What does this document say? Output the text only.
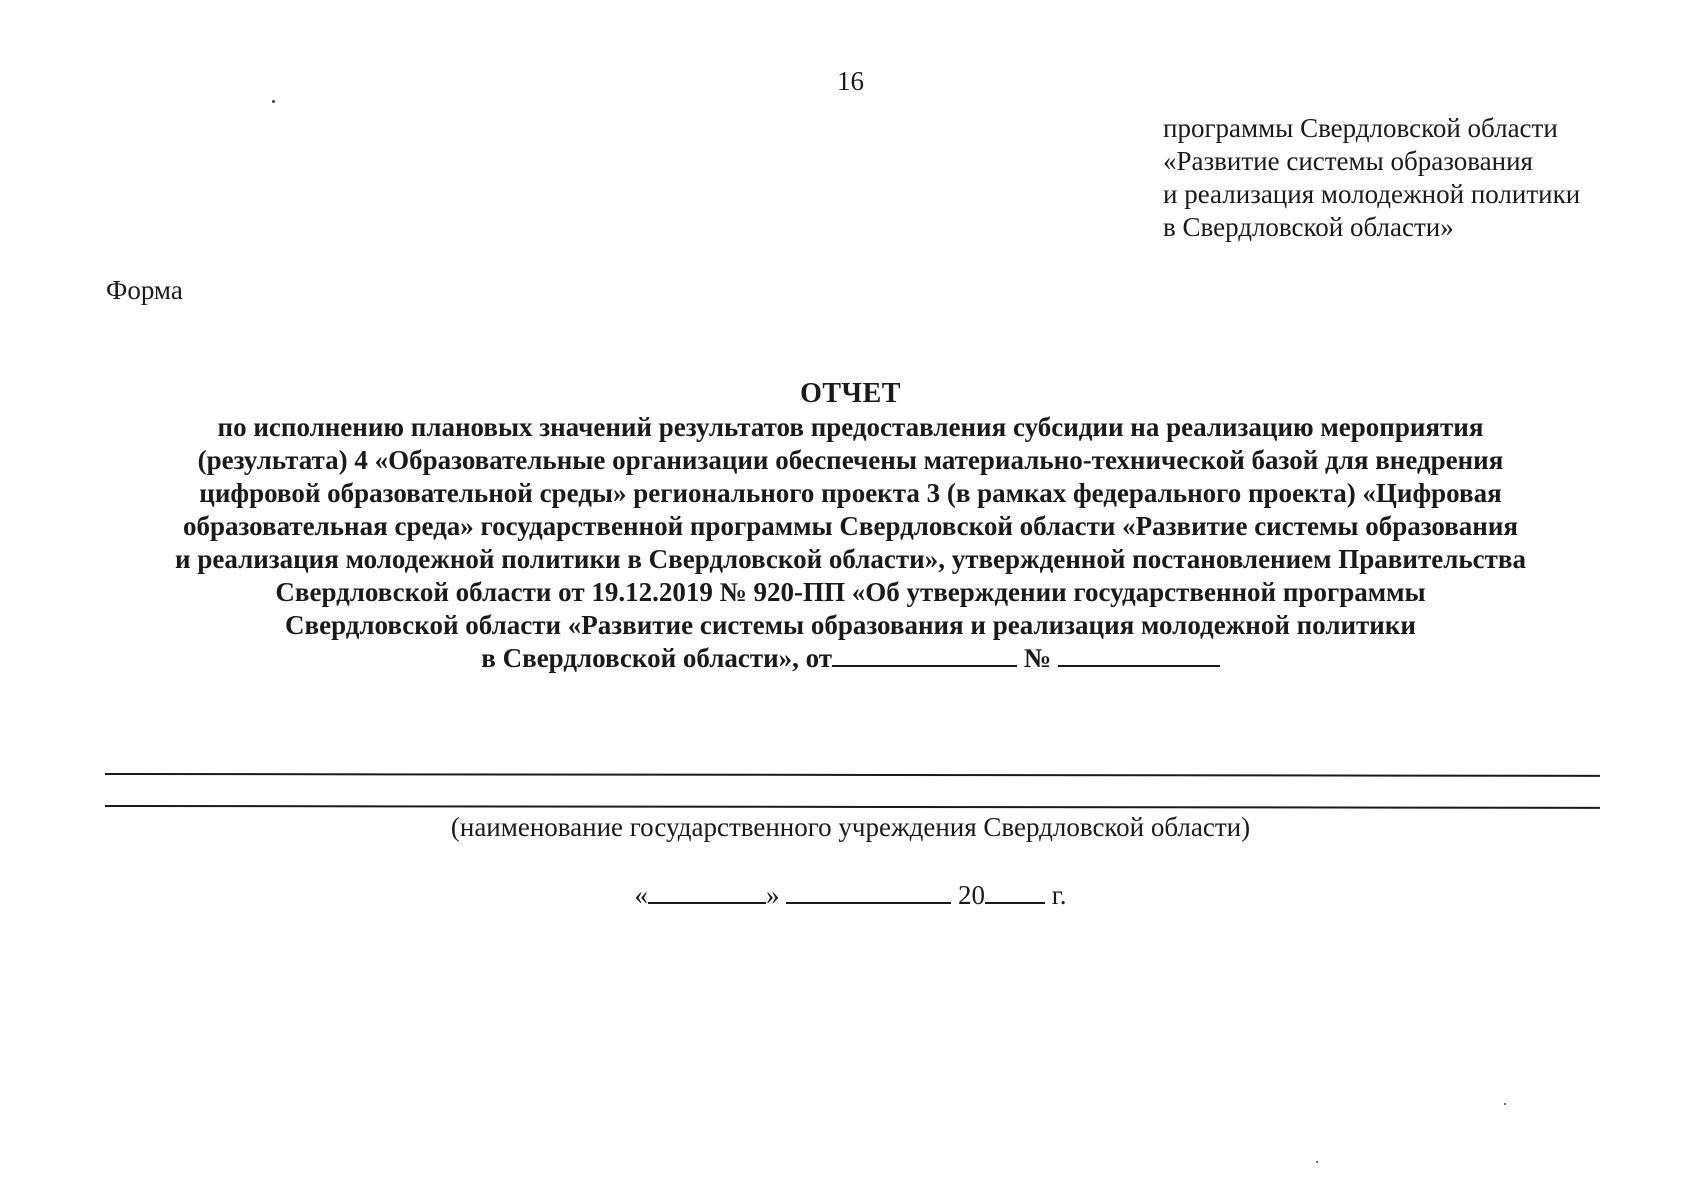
16
программы Свердловской области
«Развитие системы образования
и реализация молодежной политики
в Свердловской области»
Форма
ОТЧЕТ
по исполнению плановых значений результатов предоставления субсидии на реализацию мероприятия
(результата) 4 «Образовательные организации обеспечены материально-технической базой для внедрения
цифровой образовательной среды» регионального проекта 3 (в рамках федерального проекта) «Цифровая
образовательная среда» государственной программы Свердловской области «Развитие системы образования
и реализация молодежной политики в Свердловской области», утвержденной постановлением Правительства
Свердловской области от 19.12.2019 № 920-ПП «Об утверждении государственной программы
Свердловской области «Развитие системы образования и реализация молодежной политики
в Свердловской области», от	№
(наименование государственного учреждения Свердловской области)
«	»	20 г.
